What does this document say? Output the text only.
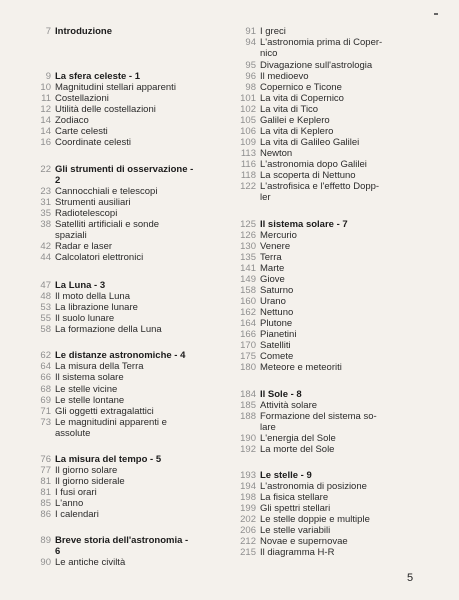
7 Introduzione
9 La sfera celeste - 1
10 Magnitudini stellari apparenti
11 Costellazioni
12 Utilità delle costellazioni
14 Zodiaco
14 Carte celesti
16 Coordinate celesti
22 Gli strumenti di osservazione -
2
23 Cannocchiali e telescopi
31 Strumenti ausiliari
35 Radiotelescopi
38 Satelliti artificiali e sonde
spaziali
42 Radar e laser
44 Calcolatori elettronici
47 La Luna - 3
48 Il moto della Luna
53 La librazione lunare
55 Il suolo lunare
58 La formazione della Luna
62 Le distanze astronomiche - 4
64 La misura della Terra
66 Il sistema solare
68 Le stelle vicine
69 Le stelle lontane
71 Gli oggetti extragalattici
73 Le magnitudini apparenti e
assolute
76 La misura del tempo - 5
77 Il giorno solare
81 Il giorno siderale
81 I fusi orari
85 L'anno
86 I calendari
89 Breve storia dell'astronomia -
6
90 Le antiche civiltà
91 I greci
94 L'astronomia prima di Coper-
nico
95 Divagazione sull'astrologia
96 Il medioevo
98 Copernico e Ticone
101 La vita di Copernico
102 La vita di Tico
105 Galilei e Keplero
106 La vita di Keplero
109 La vita di Galileo Galilei
113 Newton
116 L'astronomia dopo Galilei
118 La scoperta di Nettuno
122 L'astrofisica e l'effetto Dopp-
ler
125 Il sistema solare - 7
126 Mercurio
130 Venere
135 Terra
141 Marte
149 Giove
158 Saturno
160 Urano
162 Nettuno
164 Plutone
166 Pianetini
170 Satelliti
175 Comete
180 Meteore e meteoriti
184 Il Sole - 8
185 Attività solare
188 Formazione del sistema so-
lare
190 L'energia del Sole
192 La morte del Sole
193 Le stelle - 9
194 L'astronomia di posizione
198 La fisica stellare
199 Gli spettri stellari
202 Le stelle doppie e multiple
206 Le stelle variabili
212 Novae e supernovae
215 Il diagramma H-R
5
